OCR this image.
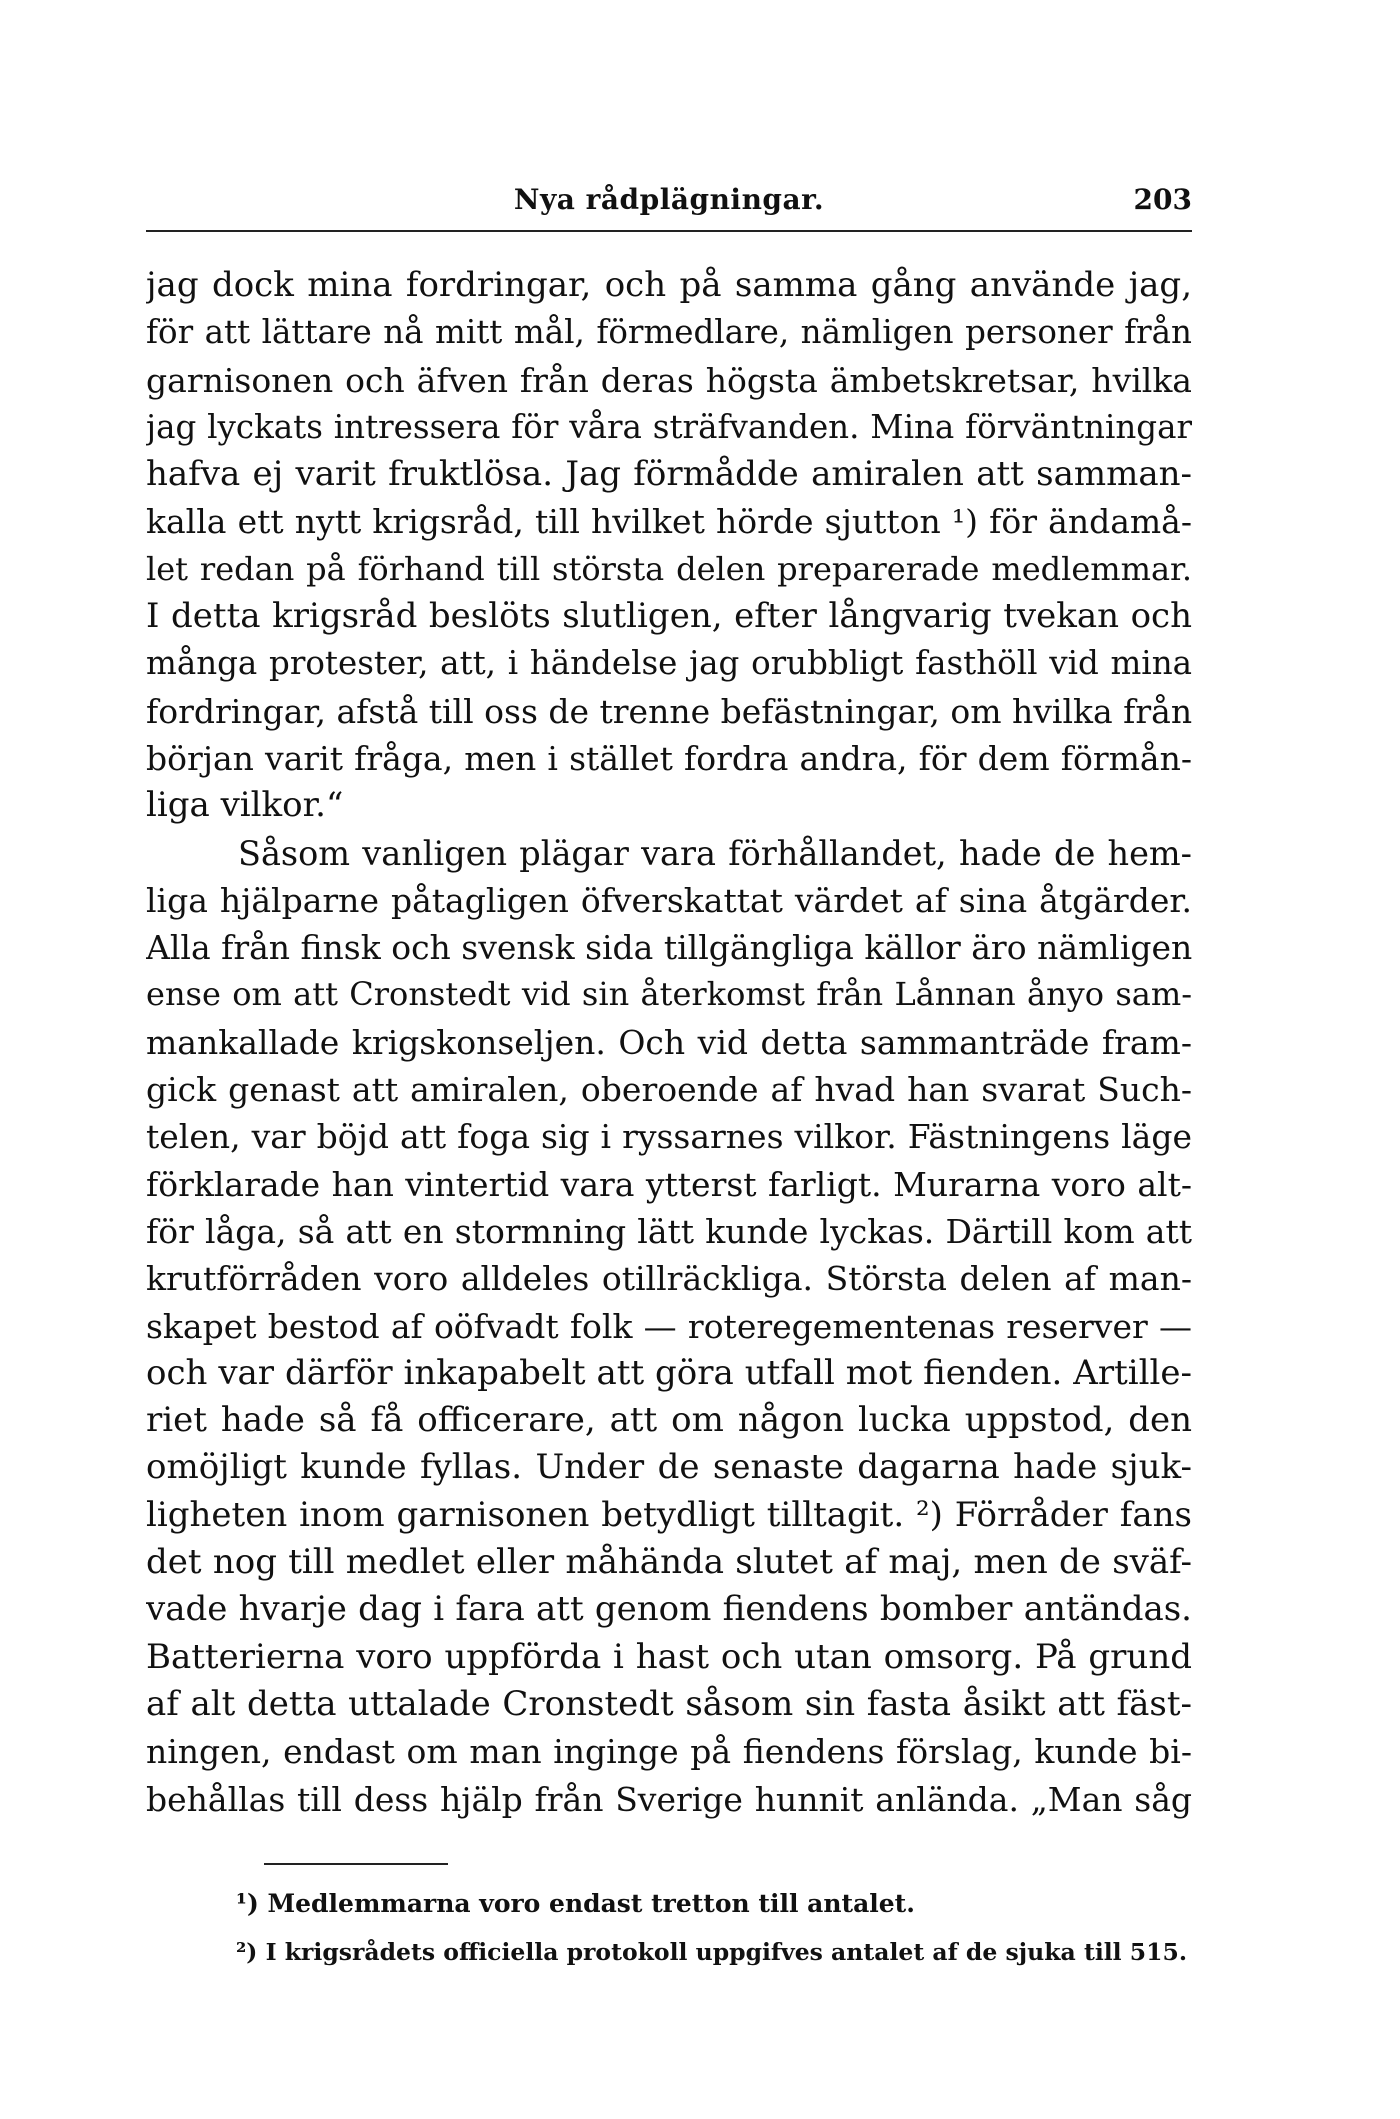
Nya rådplägningar.	203
jag dock mina fordringar, och på samma gång använde jag,
för att lättare nå mitt mål, förmedlare, nämligen personer från
garnisonen och äfven från deras högsta ämbetskretsar, hvilka
jag lyckats intressera för våra sträfvanden. Mina förväntningar
hafva ej varit fruktlösa. Jag förmådde amiralen att samman-
kalla ett nytt krigsråd, till hvilket hörde sjutton ¹) för ändamå-
let redan på förhand till största delen preparerade medlemmar.
I detta krigsråd beslöts slutligen, efter långvarig tvekan och
många protester, att, i händelse jag orubbligt fasthöll vid mina
fordringar, afstå till oss de trenne befästningar, om hvilka från
början varit fråga, men i stället fordra andra, för dem förmån-
liga vilkor.“
Såsom vanligen plägar vara förhållandet, hade de hem-
liga hjälparne påtagligen öfverskattat värdet af sina åtgärder.
Alla från finsk och svensk sida tillgängliga källor äro nämligen
ense om att Cronstedt vid sin återkomst från Lånnan ånyo sam-
mankallade krigskonseljen. Och vid detta sammanträde fram-
gick genast att amiralen, oberoende af hvad han svarat Such-
telen, var böjd att foga sig i ryssarnes vilkor. Fästningens läge
förklarade han vintertid vara ytterst farligt. Murarna voro alt-
för låga, så att en stormning lätt kunde lyckas. Därtill kom att
krutförråden voro alldeles otillräckliga. Största delen af man-
skapet bestod af oöfvadt folk — roteregementenas reserver —
och var därför inkapabelt att göra utfall mot fienden. Artille-
riet hade så få officerare, att om någon lucka uppstod, den
omöjligt kunde fyllas. Under de senaste dagarna hade sjuk-
ligheten inom garnisonen betydligt tilltagit. ²) Förråder fans
det nog till medlet eller måhända slutet af maj, men de sväf-
vade hvarje dag i fara att genom fiendens bomber antändas.
Batterierna voro uppförda i hast och utan omsorg. På grund
af alt detta uttalade Cronstedt såsom sin fasta åsikt att fäst-
ningen, endast om man inginge på fiendens förslag, kunde bi-
behållas till dess hjälp från Sverige hunnit anlända. „Man såg
¹) Medlemmarna voro endast tretton till antalet.
²) I krigsrådets officiella protokoll uppgifves antalet af de sjuka till 515.
